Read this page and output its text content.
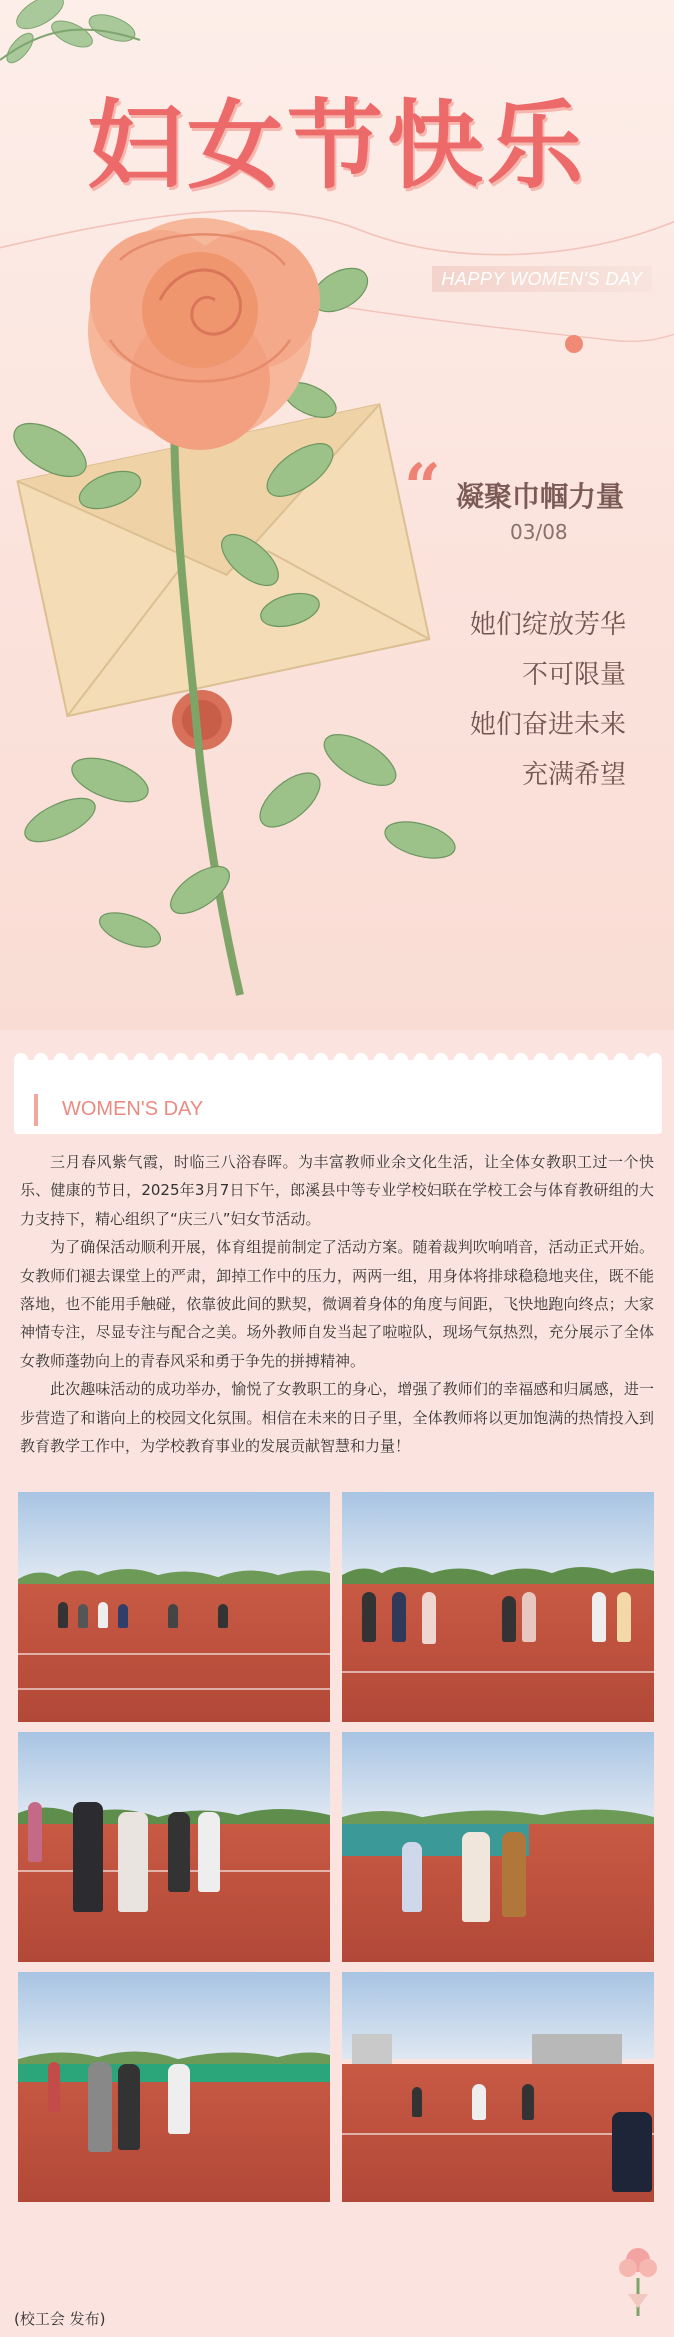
妇女节快乐
HAPPY WOMEN'S DAY
“ 凝聚巾帼力量
03/08
她们绽放芳华
不可限量
她们奋进未来
充满希望
WOMEN'S DAY

三月春风紫气霞，时临三八浴春晖。为丰富教师业余文化生活，让全体女教职工过一个快乐、健康的节日，2025年3月7日下午，郎溪县中等专业学校妇联在学校工会与体育教研组的大力支持下，精心组织了“庆三八”妇女节活动。

为了确保活动顺利开展，体育组提前制定了活动方案。随着裁判吹响哨音，活动正式开始。女教师们褪去课堂上的严肃，卸掉工作中的压力，两两一组，用身体将排球稳稳地夹住，既不能落地，也不能用手触碰，依靠彼此间的默契，微调着身体的角度与间距，飞快地跑向终点；大家神情专注，尽显专注与配合之美。场外教师自发当起了啦啦队，现场气氛热烈，充分展示了全体女教师蓬勃向上的青春风采和勇于争先的拼搏精神。

此次趣味活动的成功举办，愉悦了女教职工的身心，增强了教师们的幸福感和归属感，进一步营造了和谐向上的校园文化氛围。相信在未来的日子里，全体教师将以更加饱满的热情投入到教育教学工作中，为学校教育事业的发展贡献智慧和力量！

(校工会 发布)
